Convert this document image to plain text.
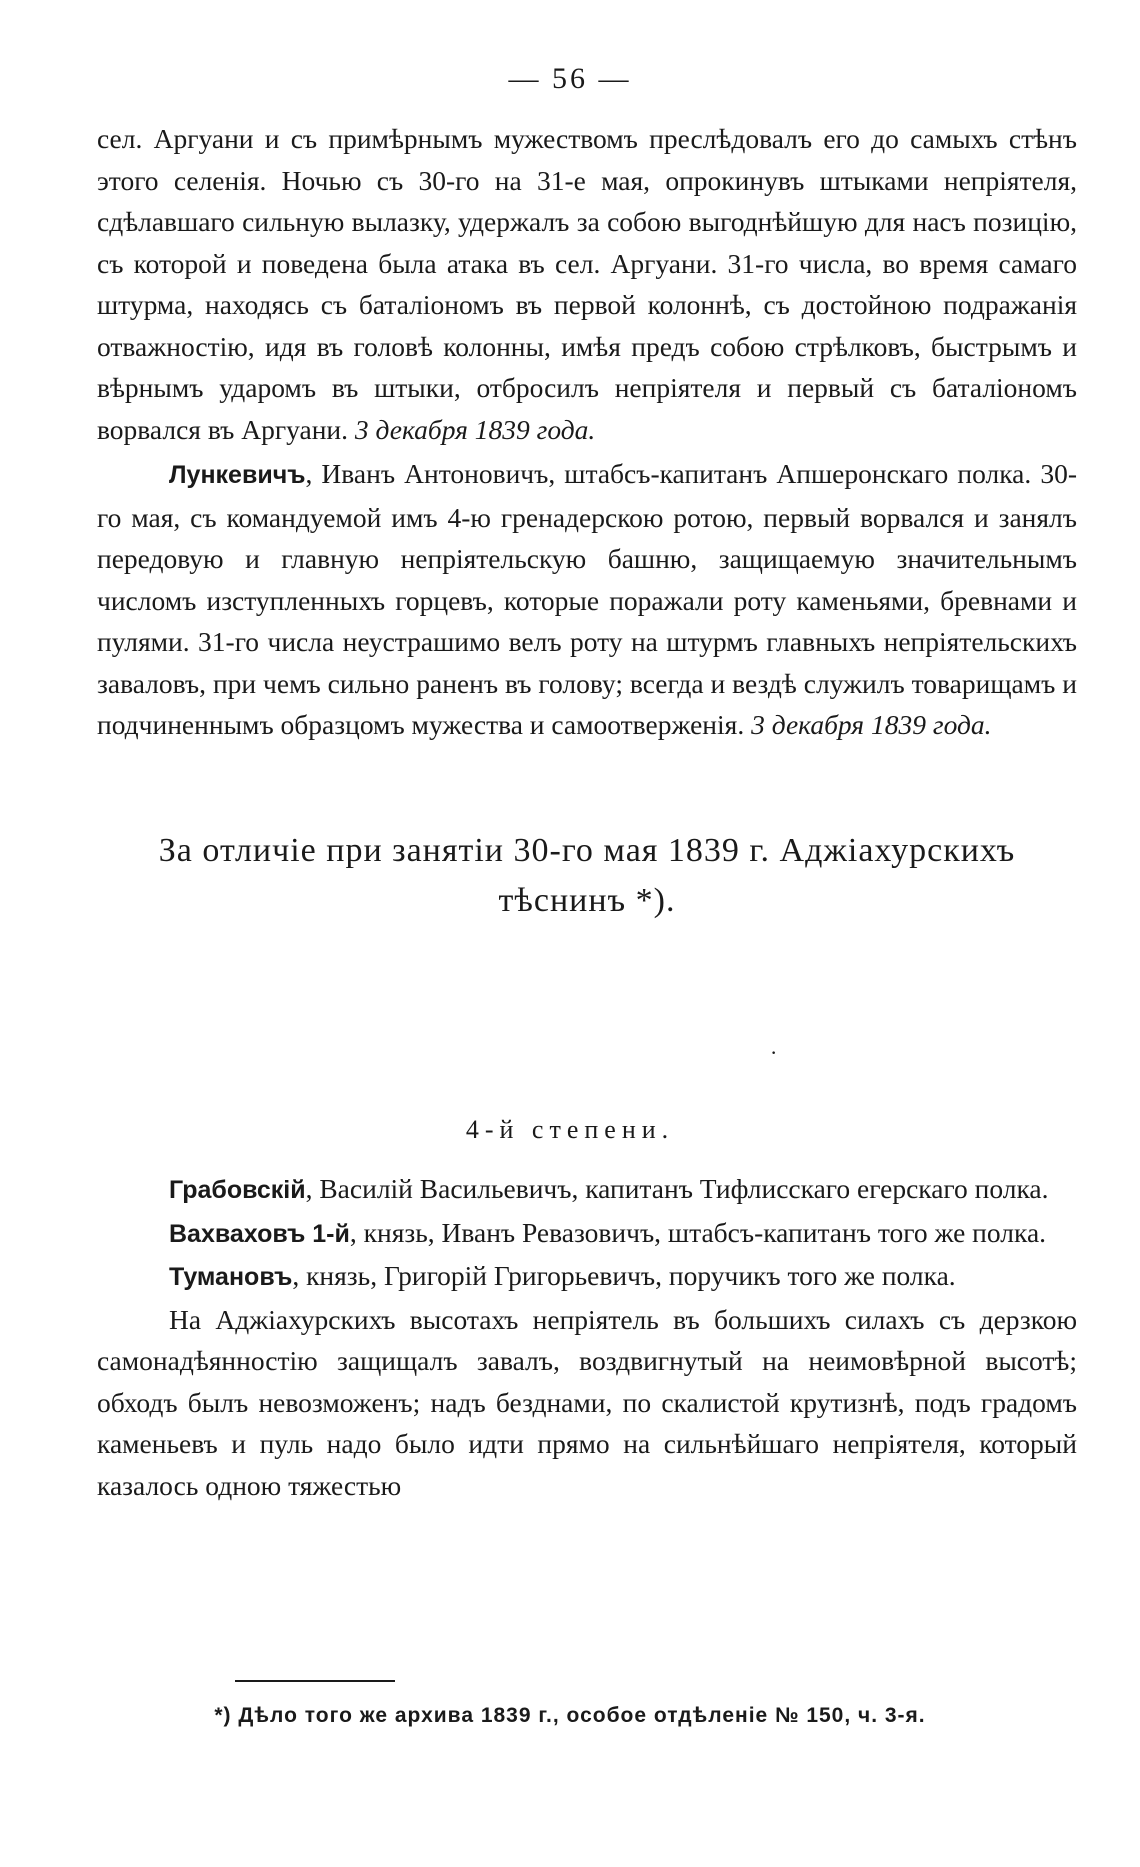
— 56 —

сел. Аргуани и съ примѣрнымъ мужествомъ преслѣдовалъ его до самыхъ стѣнъ этого селенія. Ночью съ 30-го на 31-е мая, опрокинувъ штыками непріятеля, сдѣлавшаго сильную вылазку, удержалъ за собою выгоднѣйшую для насъ позицію, съ которой и поведена была атака въ сел. Аргуани. 31-го числа, во время самаго штурма, находясь съ баталіономъ въ первой колоннѣ, съ достойною подражанія отважностію, идя въ головѣ колонны, имѣя предъ собою стрѣлковъ, быстрымъ и вѣрнымъ ударомъ въ штыки, отбросилъ непріятеля и первый съ баталіономъ ворвался въ Аргуани. 3 декабря 1839 года.

Лункевичъ, Иванъ Антоновичъ, штабсъ-капитанъ Апшеронскаго полка. 30-го мая, съ командуемой имъ 4-ю гренадерскою ротою, первый ворвался и занялъ передовую и главную непріятельскую башню, защищаемую значительнымъ числомъ изступленныхъ горцевъ, которые поражали роту каменьями, бревнами и пулями. 31-го числа неустрашимо велъ роту на штурмъ главныхъ непріятельскихъ заваловъ, при чемъ сильно раненъ въ голову; всегда и вездѣ служилъ товарищамъ и подчиненнымъ образцомъ мужества и самоотверженія. 3 декабря 1839 года.

За отличіе при занятіи 30-го мая 1839 г. Аджіахурскихъ тѣснинъ *).
·
4-й степени.

Грабовскій, Василій Васильевичъ, капитанъ Тифлисскаго егерскаго полка.

Вахваховъ 1-й, князь, Иванъ Ревазовичъ, штабсъ-капитанъ того же полка.

Тумановъ, князь, Григорій Григорьевичъ, поручикъ того же полка.

На Аджіахурскихъ высотахъ непріятель въ большихъ силахъ съ дерзкою самонадѣянностію защищалъ завалъ, воздвигнутый на неимовѣрной высотѣ; обходъ былъ невозможенъ; надъ безднами, по скалистой крутизнѣ, подъ градомъ каменьевъ и пуль надо было идти прямо на сильнѣйшаго непріятеля, который казалось одною тяжестью

*) Дѣло того же архива 1839 г., особое отдѣленіе № 150, ч. 3-я.
